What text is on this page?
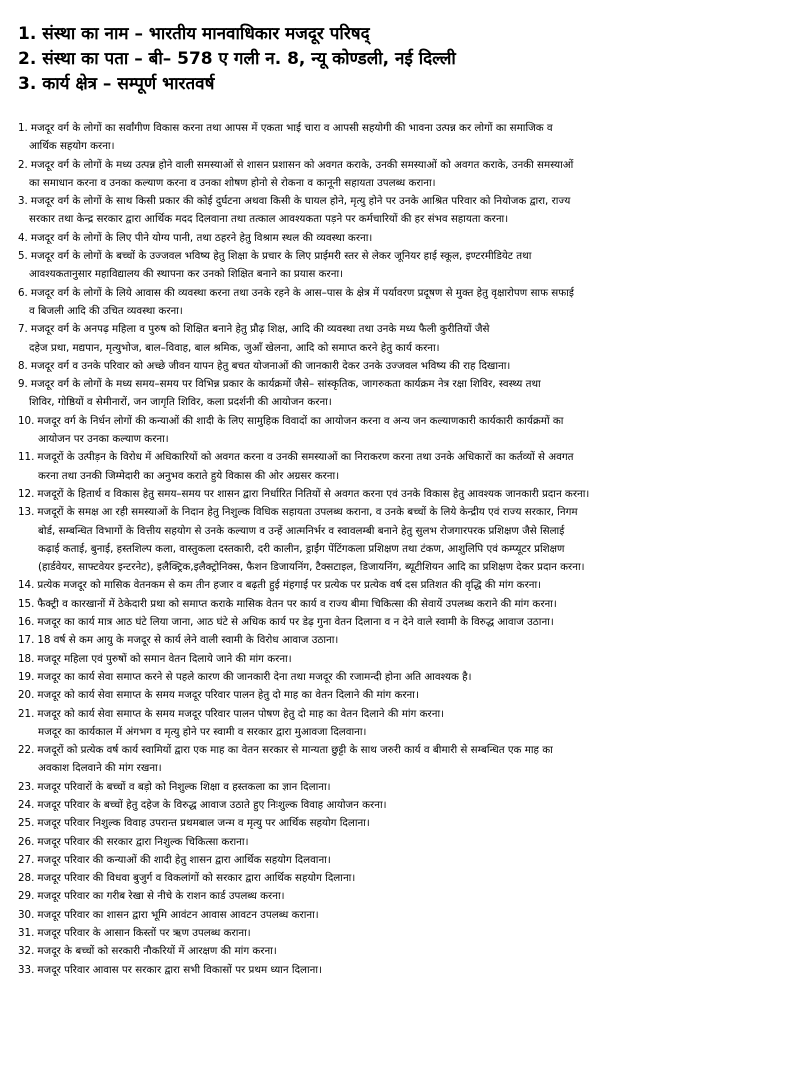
1. संस्था का नाम – भारतीय मानवाधिकार मजदूर परिषद्
2. संस्था का पता – बी– 578 ए गली न. 8, न्यू कोण्डली, नई दिल्ली
3. कार्य क्षेत्र – सम्पूर्ण भारतवर्ष
1. मजदूर वर्ग के लोगों का सर्वांगीण विकास करना तथा आपस में एकता भाई चारा व आपसी सहयोगी की भावना उत्पन्न कर लोगों का समाजिक व
आर्थिक सहयोग करना।
2. मजदूर वर्ग के लोगों के मध्य उत्पन्न होने वाली समस्याओं से शासन प्रशासन को अवगत कराके, उनकी समस्याओं को अवगत कराके, उनकी समस्याओं
का समाधान करना व उनका कल्याण करना व उनका शोषण होनो से रोकना व कानूनी सहायता उपलब्ध कराना।
3. मजदूर वर्ग के लोगों के साथ किसी प्रकार की कोई दुर्घटना अथवा किसी के घायल होने, मृत्यु होने पर उनके आश्रित परिवार को नियोजक द्वारा, राज्य
सरकार तथा केन्द्र सरकार द्वारा आर्थिक मदद दिलवाना तथा तत्काल आवश्यकता पड़ने पर कर्मचारियों की हर संभव सहायता करना।
4. मजदूर वर्ग के लोगों के लिए पीने योग्य पानी, तथा ठहरने हेतु विश्राम स्थल की व्यवस्था करना।
5. मजदूर वर्ग के लोगों के बच्चों के उज्जवल भविष्य हेतु शिक्षा के प्रचार के लिए प्राईमरी स्तर से लेकर जूनियर हाई स्कूल, इण्टरमीडियेट तथा
आवश्यकतानुसार महाविद्यालय की स्थापना कर उनको शिक्षित बनाने का प्रयास करना।
6. मजदूर वर्ग के लोगों के लिये आवास की व्यवस्था करना तथा उनके रहने के आस–पास के क्षेत्र में पर्यावरण प्रदूषण से मुक्त हेतु वृक्षारोपण साफ सफाई
व बिजली आदि की उचित व्यवस्था करना।
7. मजदूर वर्ग के अनपढ़ महिला व पुरुष को शिक्षित बनाने हेतु प्रौढ़ शिक्ष, आदि की व्यवस्था तथा उनके मध्य फैली कुरीतियों जैसे
दहेज प्रथा, मद्यपान, मृत्युभोज, बाल–विवाह, बाल श्रमिक, जुआँ खेलना, आदि को समाप्त करने हेतु कार्य करना।
8. मजदूर वर्ग व उनके परिवार को अच्छे जीवन यापन हेतु बचत योजनाओं की जानकारी देकर उनके उज्जवल भविष्य की राह दिखाना।
9. मजदूर वर्ग के लोगों के मध्य समय–समय पर विभिन्न प्रकार के कार्यक्रमों जैसे– सांस्कृतिक, जागरुकता कार्यक्रम नेत्र रक्षा शिविर, स्वस्थ्य तथा
शिविर, गोष्ठियों व सेमीनारों, जन जागृति शिविर, कला प्रदर्शनी की आयोजन करना।
10. मजदूर वर्ग के निर्धन लोगों की कन्याओं की शादी के लिए सामुहिक विवादों का आयोजन करना व अन्य जन कल्याणकारी कार्यकारी कार्यक्रमों का
आयोजन पर उनका कल्याण करना।
11. मजदूरों के उत्पीड़न के विरोध में अधिकारियों को अवगत करना व उनकी समस्याओं का निराकरण करना तथा उनके अधिकारों का कर्तव्यों से अवगत
करना तथा उनकी जिम्मेदारी का अनुभव कराते हुये विकास की ओर अग्रसर करना।
12. मजदूरों के हितार्थ व विकास हेतु समय–समय पर शासन द्वारा निर्धारित नितियों से अवगत करना एवं उनके विकास हेतु आवश्यक जानकारी प्रदान करना।
13. मजदूरों के समक्ष आ रही समस्याओं के निदान हेतु निशुल्क विधिक सहायता उपलब्ध कराना, व उनके बच्चों के लिये केन्द्रीय एवं राज्य सरकार, निगम
बोर्ड, सम्बन्धित विभागों के वित्तीय सहयोग से उनके कल्याण व उन्हें आत्मनिर्भर व स्वावलम्बी बनाने हेतु सुलभ रोजगारपरक प्रशिक्षण जैसे सिलाई
कढ़ाई कताई, बुनाई, हस्तशिल्प कला, वास्तुकला दस्तकारी, दरी कालीन, ड्राईंग पेंटिंगकला प्रशिक्षण तथा टंकण, आशुलिपि एवं कम्प्यूटर प्रशिक्षण
(हार्डवेयर, साफ्टवेयर इन्टरनेट), इलैक्ट्रिक,इलैक्ट्रोनिक्स, फैशन डिजायनिंग, टैक्सटाइल, डिजायनिंग, ब्यूटीशियन आदि का प्रशिक्षण देकर प्रदान करना।
14. प्रत्येक मजदूर को मासिक वेतनकम से कम तीन हजार व बढ़ती हुई मंहगाई पर प्रत्येक पर प्रत्येक वर्ष दस प्रतिशत की वृद्धि की मांग करना।
15. फैक्ट्री व कारखानों में ठेकेदारी प्रथा को समाप्त कराके मासिक वेतन पर कार्य व राज्य बीमा चिकित्सा की सेवायें उपलब्ध कराने की मांग करना।
16. मजदूर का कार्य मात्र आठ घंटे लिया जाना, आठ घंटे से अधिक कार्य पर डेढ़ गुना वेतन दिलाना व न देने वाले स्वामी के विरुद्ध आवाज उठाना।
17. 18 वर्ष से कम आयु के मजदूर से कार्य लेने वाली स्वामी के विरोध आवाज उठाना।
18. मजदूर महिला एवं पुरुषों को समान वेतन दिलाये जाने की मांग करना।
19. मजदूर का कार्य सेवा समाप्त करने से पहले कारण की जानकारी देना तथा मजदूर की रजामन्दी होना अति आवश्यक है।
20. मजदूर को कार्य सेवा समाप्त के समय मजदूर परिवार पालन हेतु दो माह का वेतन दिलाने की मांग करना।
21. मजदूर को कार्य सेवा समाप्त के समय मजदूर परिवार पालन पोषण हेतु दो माह का वेतन दिलाने की मांग करना।
मजदूर का कार्यकाल में अंगभग व मृत्यु होने पर स्वामी व सरकार द्वारा मुआवजा दिलवाना।
22. मजदूरों को प्रत्येक वर्ष कार्य स्वामियों द्वारा एक माह का वेतन सरकार से मान्यता छुट्टी के साथ जरुरी कार्य व बीमारी से सम्बन्धित एक माह का
अवकाश दिलवाने की मांग रखना।
23. मजदूर परिवारों के बच्चों व बड़ो को निशुल्क शिक्षा व हस्तकला का ज्ञान दिलाना।
24. मजदूर परिवार के बच्चों हेतु दहेज के विरुद्ध आवाज उठाते हुए निःशुल्क विवाह आयोजन करना।
25. मजदूर परिवार निशुल्क विवाह उपरान्त प्रथमबाल जन्म व मृत्यु पर आर्थिक सहयोग दिलाना।
26. मजदूर परिवार की सरकार द्वारा निशुल्क चिकित्सा कराना।
27. मजदूर परिवार की कन्याओं की शादी हेतु शासन द्वारा आर्थिक सहयोग दिलवाना।
28. मजदूर परिवार की विधवा बुजुर्ग व विकलांगों को सरकार द्वारा आर्थिक सहयोग दिलाना।
29. मजदूर परिवार का गरीब रेखा से नीचे के राशन कार्ड उपलब्ध करना।
30. मजदूर परिवार का शासन द्वारा भूमि आवंटन आवास आवटन उपलब्ध कराना।
31. मजदूर परिवार के आसान किस्तों पर ऋण उपलब्ध कराना।
32. मजदूर के बच्चों को सरकारी नौकरियों में आरक्षण की मांग करना।
33. मजदूर परिवार आवास पर सरकार द्वारा सभी विकासों पर प्रथम ध्यान दिलाना।
